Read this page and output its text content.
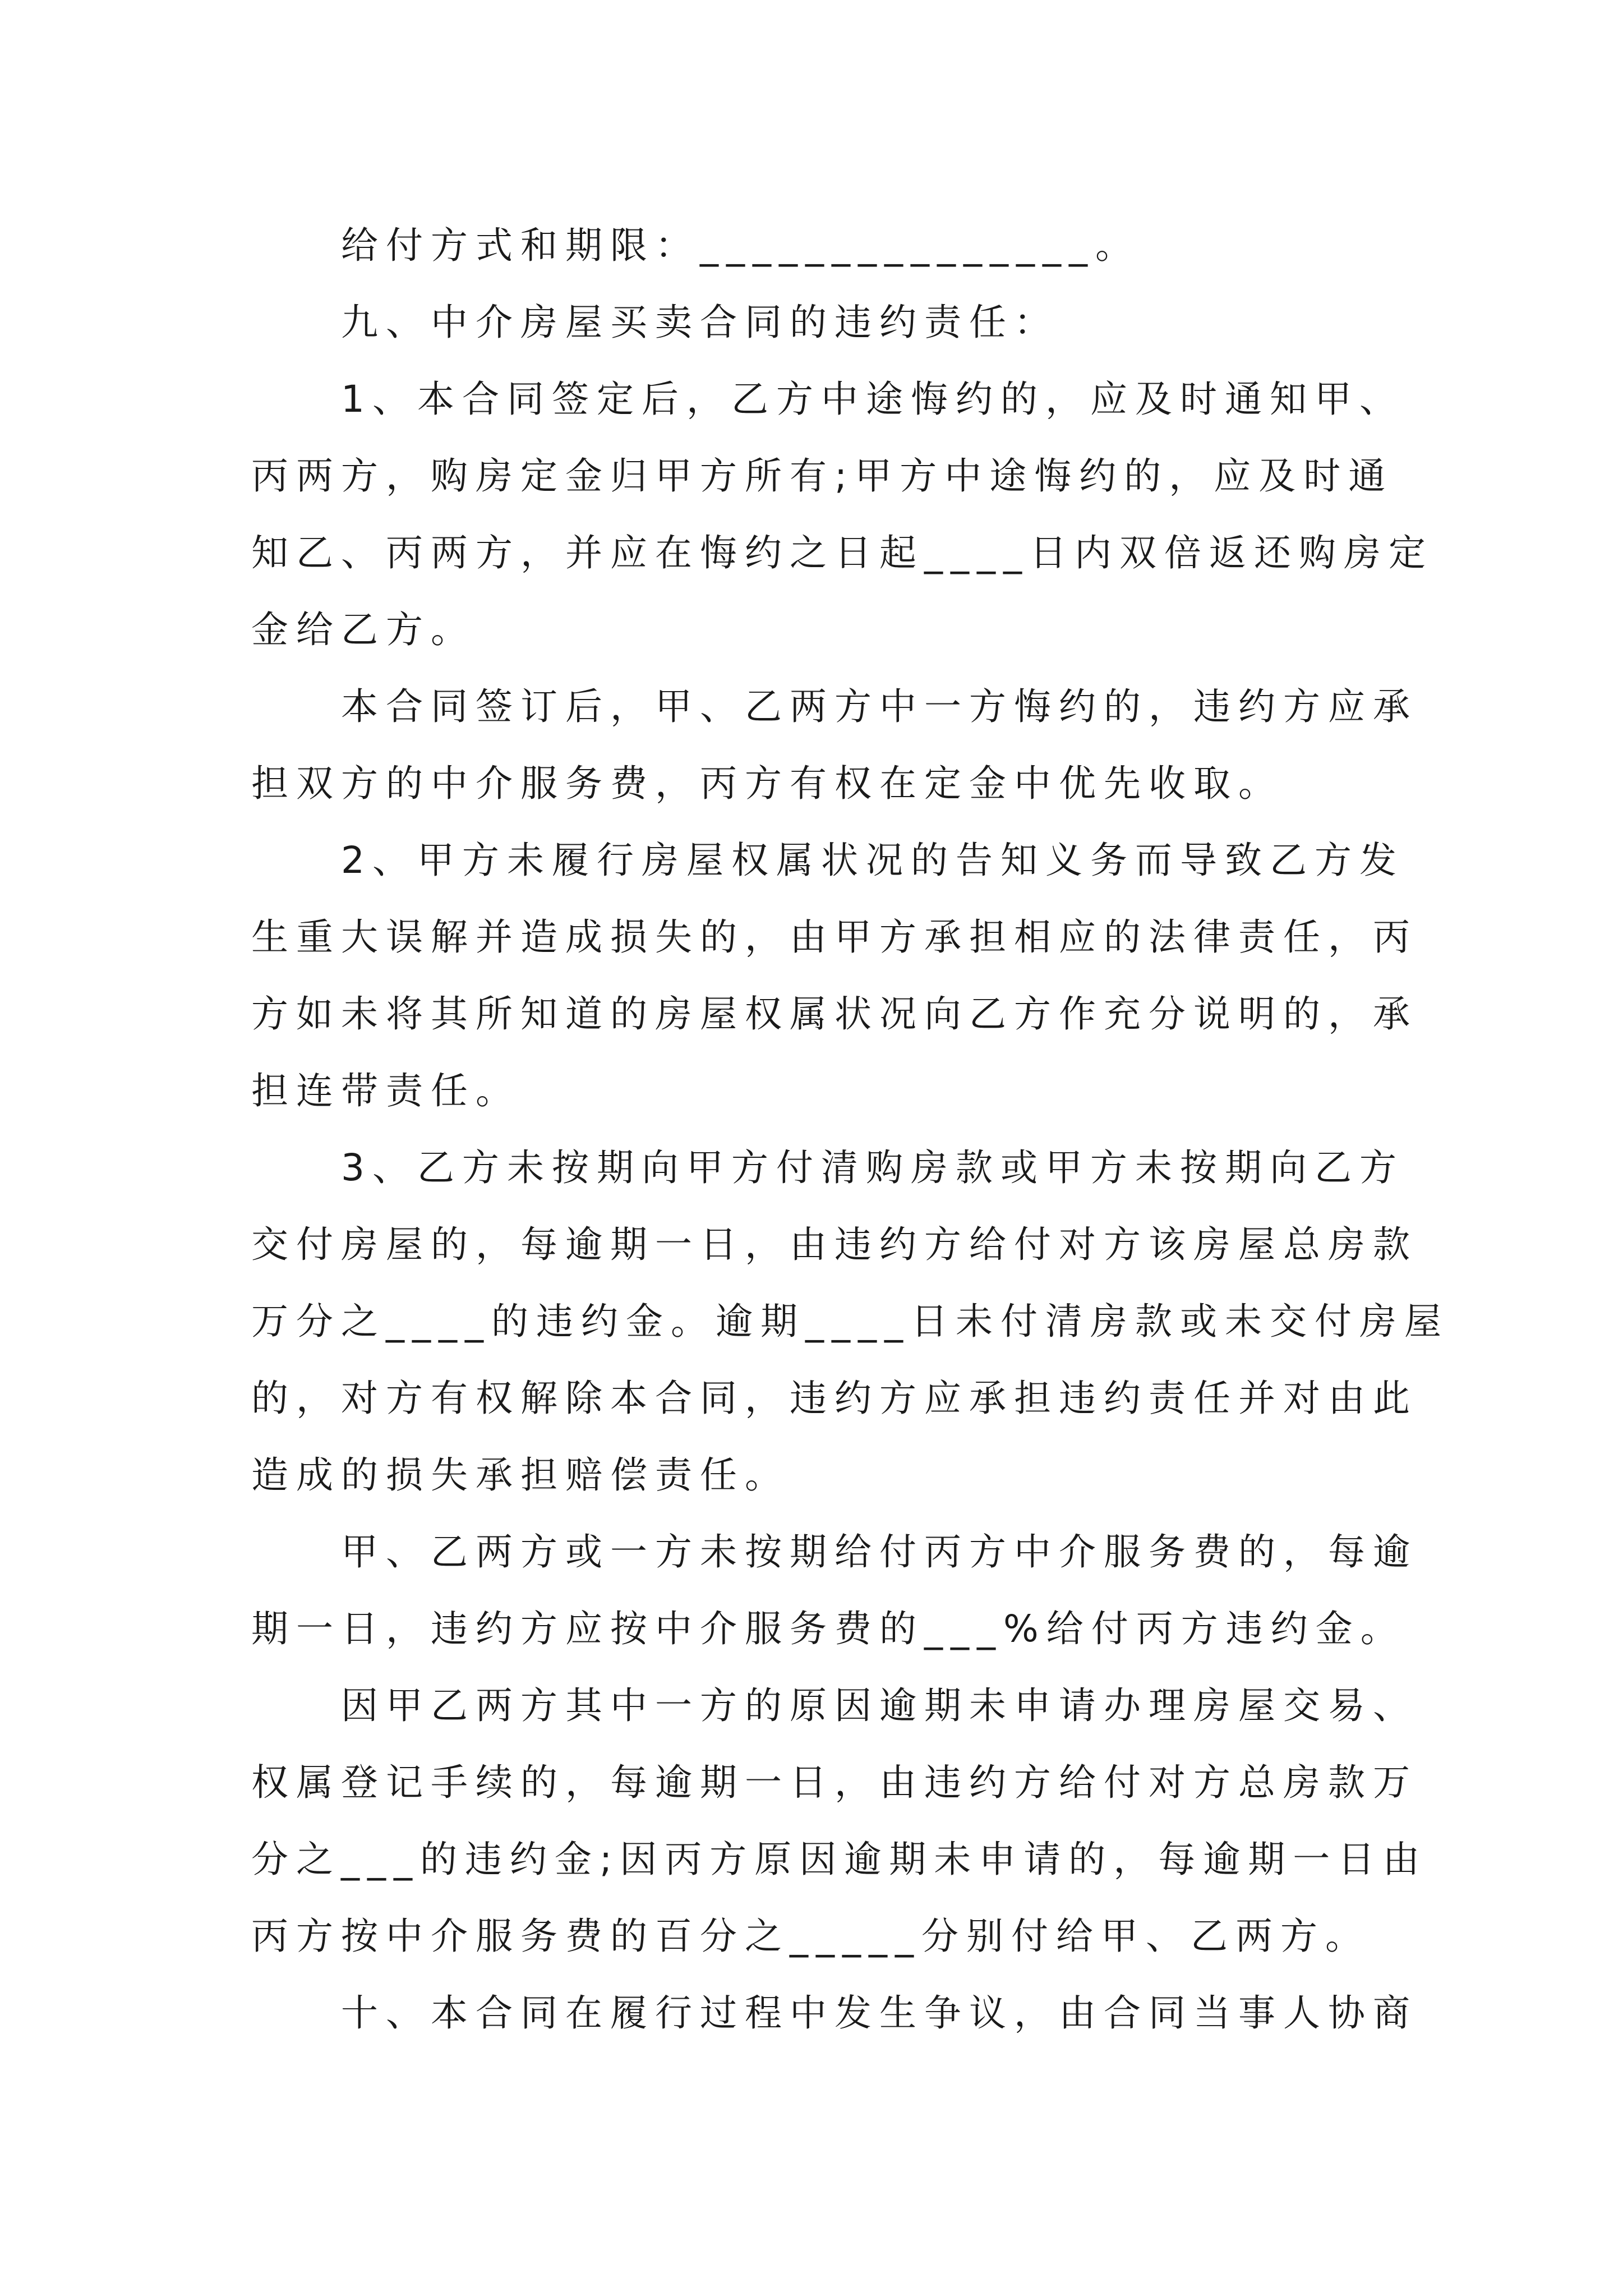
给付方式和期限：_______________。
九、中介房屋买卖合同的违约责任：
1、本合同签定后，乙方中途悔约的，应及时通知甲、
丙两方，购房定金归甲方所有;甲方中途悔约的，应及时通
知乙、丙两方，并应在悔约之日起____日内双倍返还购房定
金给乙方。
本合同签订后，甲、乙两方中一方悔约的，违约方应承
担双方的中介服务费，丙方有权在定金中优先收取。
2、甲方未履行房屋权属状况的告知义务而导致乙方发
生重大误解并造成损失的，由甲方承担相应的法律责任，丙
方如未将其所知道的房屋权属状况向乙方作充分说明的，承
担连带责任。
3、乙方未按期向甲方付清购房款或甲方未按期向乙方
交付房屋的，每逾期一日，由违约方给付对方该房屋总房款
万分之____的违约金。逾期____日未付清房款或未交付房屋
的，对方有权解除本合同，违约方应承担违约责任并对由此
造成的损失承担赔偿责任。
甲、乙两方或一方未按期给付丙方中介服务费的，每逾
期一日，违约方应按中介服务费的___%给付丙方违约金。
因甲乙两方其中一方的原因逾期未申请办理房屋交易、
权属登记手续的，每逾期一日，由违约方给付对方总房款万
分之___的违约金;因丙方原因逾期未申请的，每逾期一日由
丙方按中介服务费的百分之_____分别付给甲、乙两方。
十、本合同在履行过程中发生争议，由合同当事人协商
